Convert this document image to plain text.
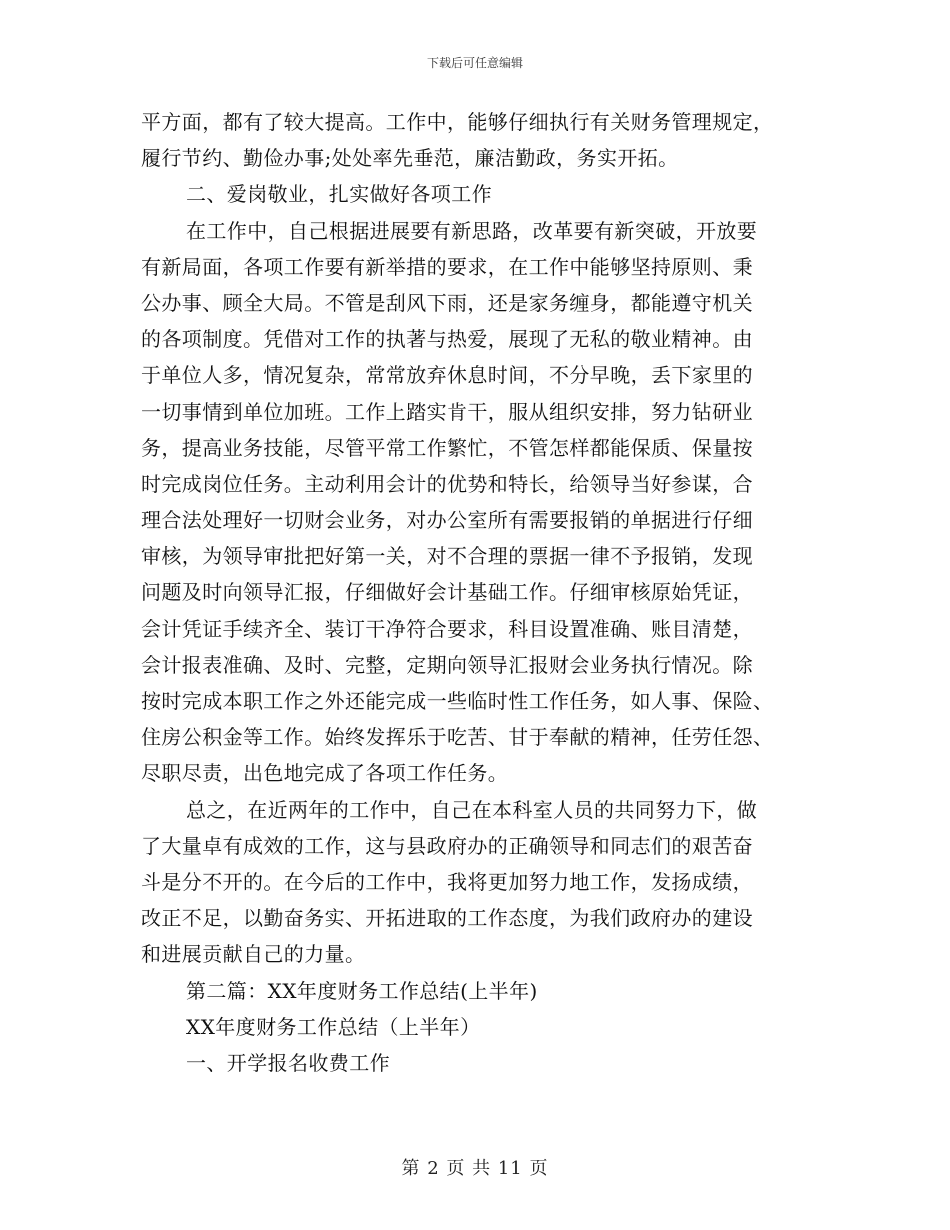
下载后可任意编辑
平方面，都有了较大提高。工作中，能够仔细执行有关财务管理规定，
履行节约、勤俭办事;处处率先垂范，廉洁勤政，务实开拓。
二、爱岗敬业，扎实做好各项工作
在工作中，自己根据进展要有新思路，改革要有新突破，开放要
有新局面，各项工作要有新举措的要求，在工作中能够坚持原则、秉
公办事、顾全大局。不管是刮风下雨，还是家务缠身，都能遵守机关
的各项制度。凭借对工作的执著与热爱，展现了无私的敬业精神。由
于单位人多，情况复杂，常常放弃休息时间，不分早晚，丢下家里的
一切事情到单位加班。工作上踏实肯干，服从组织安排，努力钻研业
务，提高业务技能，尽管平常工作繁忙，不管怎样都能保质、保量按
时完成岗位任务。主动利用会计的优势和特长，给领导当好参谋，合
理合法处理好一切财会业务，对办公室所有需要报销的单据进行仔细
审核，为领导审批把好第一关，对不合理的票据一律不予报销，发现
问题及时向领导汇报，仔细做好会计基础工作。仔细审核原始凭证，
会计凭证手续齐全、装订干净符合要求，科目设置准确、账目清楚，
会计报表准确、及时、完整，定期向领导汇报财会业务执行情况。除
按时完成本职工作之外还能完成一些临时性工作任务，如人事、保险、
住房公积金等工作。始终发挥乐于吃苦、甘于奉献的精神，任劳任怨、
尽职尽责，出色地完成了各项工作任务。
总之，在近两年的工作中，自己在本科室人员的共同努力下，做
了大量卓有成效的工作，这与县政府办的正确领导和同志们的艰苦奋
斗是分不开的。在今后的工作中，我将更加努力地工作，发扬成绩，
改正不足，以勤奋务实、开拓进取的工作态度，为我们政府办的建设
和进展贡献自己的力量。
第二篇：XX年度财务工作总结(上半年)
XX年度财务工作总结（上半年）
一、开学报名收费工作
第 2 页 共 11 页
